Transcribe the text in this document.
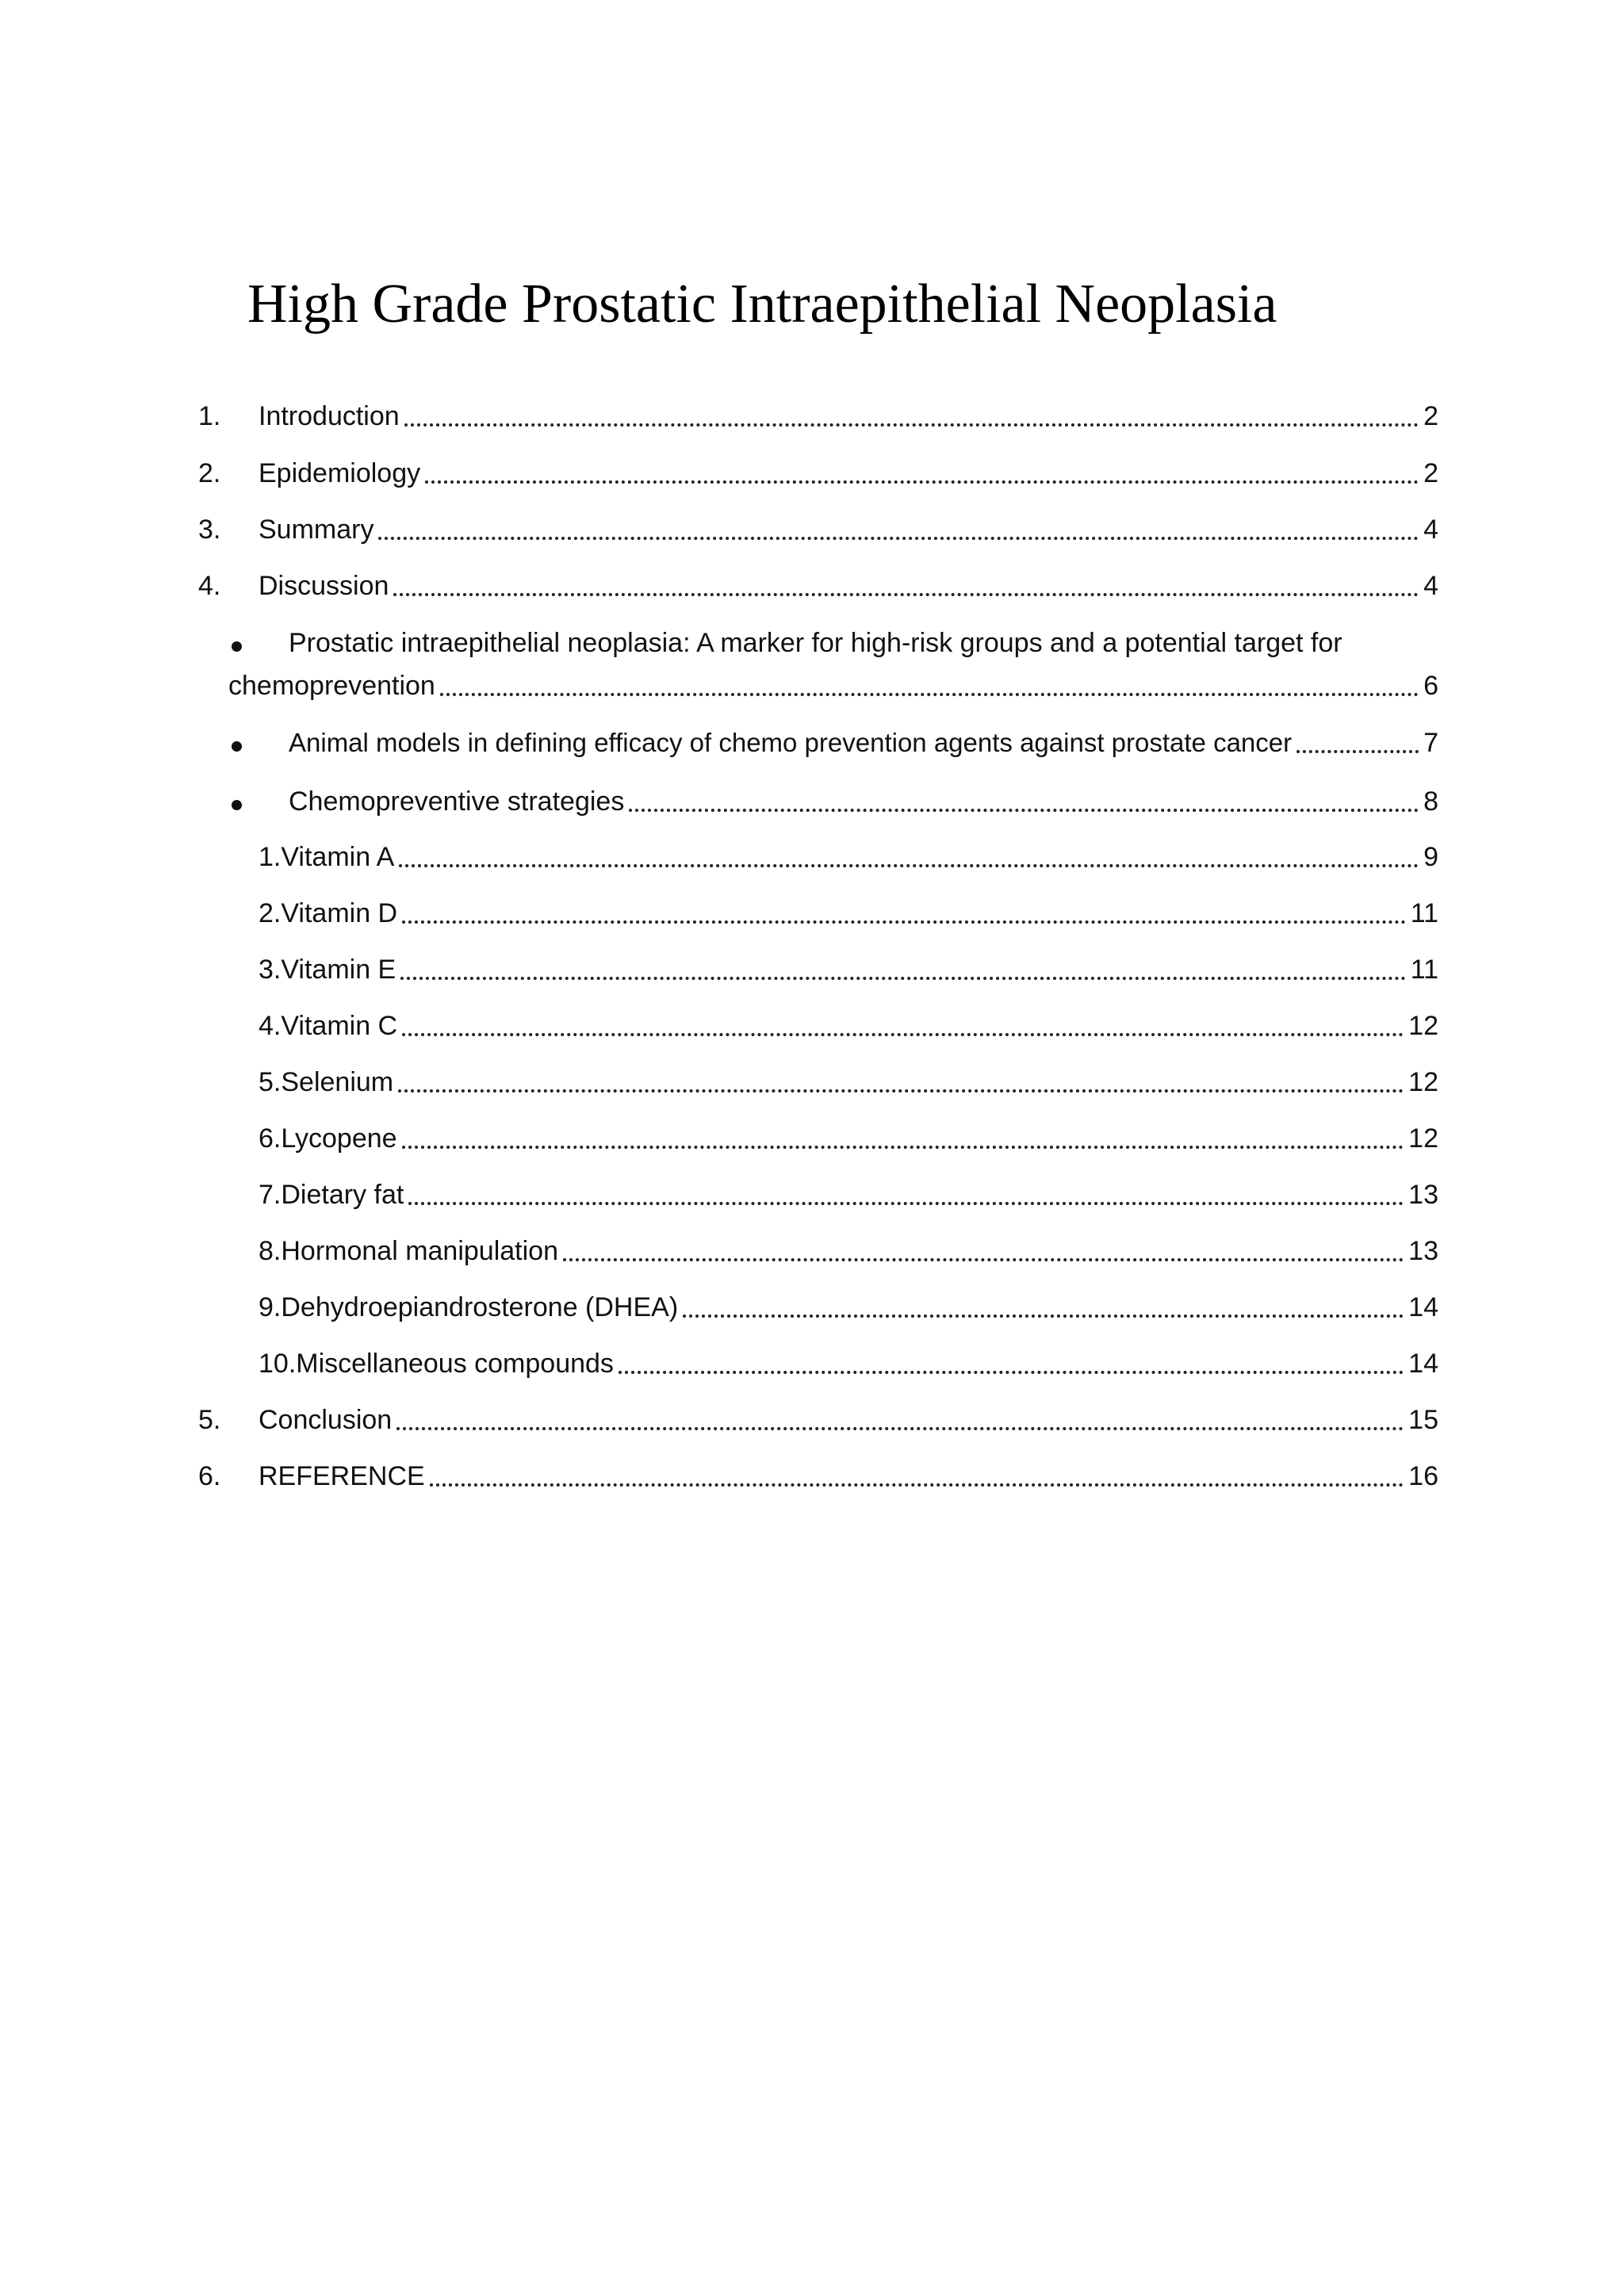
High Grade Prostatic Intraepithelial Neoplasia
1. Introduction	2
2. Epidemiology	2
3. Summary	4
4. Discussion	4
Prostatic intraepithelial neoplasia: A marker for high-risk groups and a potential target for
chemoprevention	6
Animal models in defining efficacy of chemo prevention agents against prostate cancer	7
Chemopreventive strategies	8
1.Vitamin A	9
2.Vitamin D	11
3.Vitamin E	11
4.Vitamin C	12
5.Selenium	12
6.Lycopene	12
7.Dietary fat	13
8.Hormonal manipulation	13
9.Dehydroepiandrosterone (DHEA)	14
10.Miscellaneous compounds	14
5. Conclusion	15
6. REFERENCE	16
